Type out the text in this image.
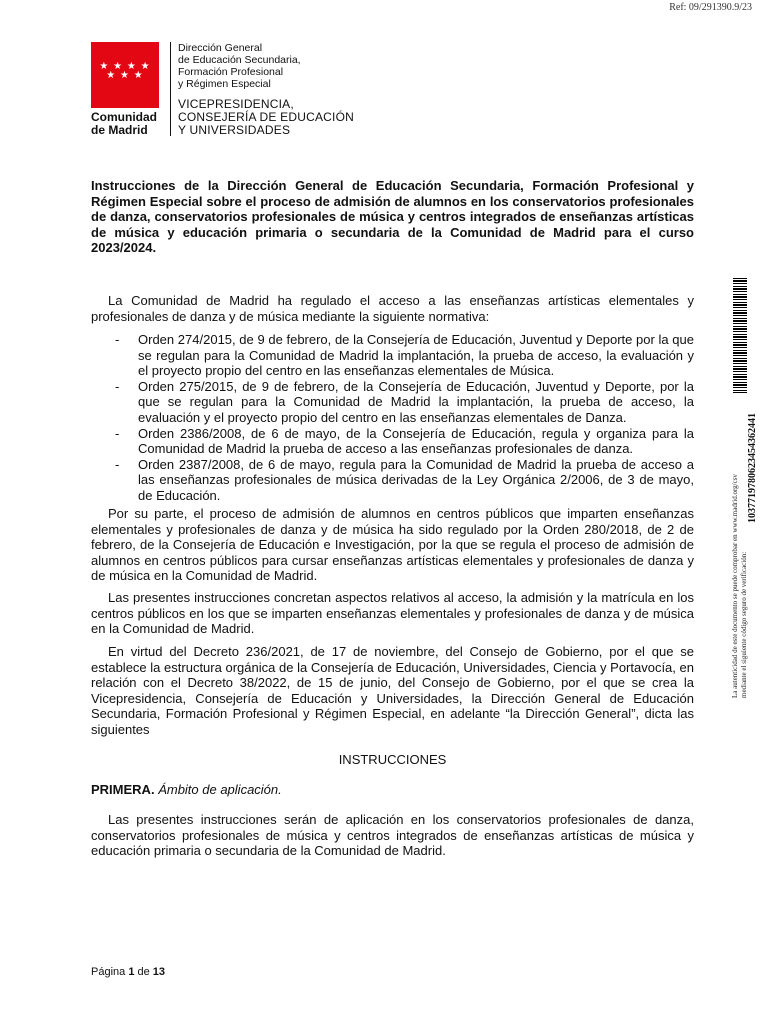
Ref: 09/291390.9/23
★ ★ ★ ★
★ ★ ★
Comunidad
de Madrid
Dirección General
de Educación Secundaria,
Formación Profesional
y Régimen Especial
VICEPRESIDENCIA,
CONSEJERÍA DE EDUCACIÓN
Y UNIVERSIDADES
Instrucciones de la Dirección General de Educación Secundaria, Formación Profesional y Régimen Especial sobre el proceso de admisión de alumnos en los conservatorios profesionales de danza, conservatorios profesionales de música y centros integrados de enseñanzas artísticas de música y educación primaria o secundaria de la Comunidad de Madrid para el curso 2023/2024.

La Comunidad de Madrid ha regulado el acceso a las enseñanzas artísticas elementales y profesionales de danza y de música mediante la siguiente normativa:

- Orden 274/2015, de 9 de febrero, de la Consejería de Educación, Juventud y Deporte por la que se regulan para la Comunidad de Madrid la implantación, la prueba de acceso, la evaluación y el proyecto propio del centro en las enseñanzas elementales de Música.
- Orden 275/2015, de 9 de febrero, de la Consejería de Educación, Juventud y Deporte, por la que se regulan para la Comunidad de Madrid la implantación, la prueba de acceso, la evaluación y el proyecto propio del centro en las enseñanzas elementales de Danza.
- Orden 2386/2008, de 6 de mayo, de la Consejería de Educación, regula y organiza para la Comunidad de Madrid la prueba de acceso a las enseñanzas profesionales de danza.
- Orden 2387/2008, de 6 de mayo, regula para la Comunidad de Madrid la prueba de acceso a las enseñanzas profesionales de música derivadas de la Ley Orgánica 2/2006, de 3 de mayo, de Educación.

Por su parte, el proceso de admisión de alumnos en centros públicos que imparten enseñanzas elementales y profesionales de danza y de música ha sido regulado por la Orden 280/2018, de 2 de febrero, de la Consejería de Educación e Investigación, por la que se regula el proceso de admisión de alumnos en centros públicos para cursar enseñanzas artísticas elementales y profesionales de danza y de música en la Comunidad de Madrid.

Las presentes instrucciones concretan aspectos relativos al acceso, la admisión y la matrícula en los centros públicos en los que se imparten enseñanzas elementales y profesionales de danza y de música en la Comunidad de Madrid.

En virtud del Decreto 236/2021, de 17 de noviembre, del Consejo de Gobierno, por el que se establece la estructura orgánica de la Consejería de Educación, Universidades, Ciencia y Portavocía, en relación con el Decreto 38/2022, de 15 de junio, del Consejo de Gobierno, por el que se crea la Vicepresidencia, Consejería de Educación y Universidades, la Dirección General de Educación Secundaria, Formación Profesional y Régimen Especial, en adelante “la Dirección General”, dicta las siguientes

INSTRUCCIONES
PRIMERA. Ámbito de aplicación.

Las presentes instrucciones serán de aplicación en los conservatorios profesionales de danza, conservatorios profesionales de música y centros integrados de enseñanzas artísticas de música y educación primaria o secundaria de la Comunidad de Madrid.

Página 1 de 13
La autenticidad de este documento se puede comprobar en www.madrid.org/csv mediante el siguiente código seguro de verificación:
1037719780623454362441
